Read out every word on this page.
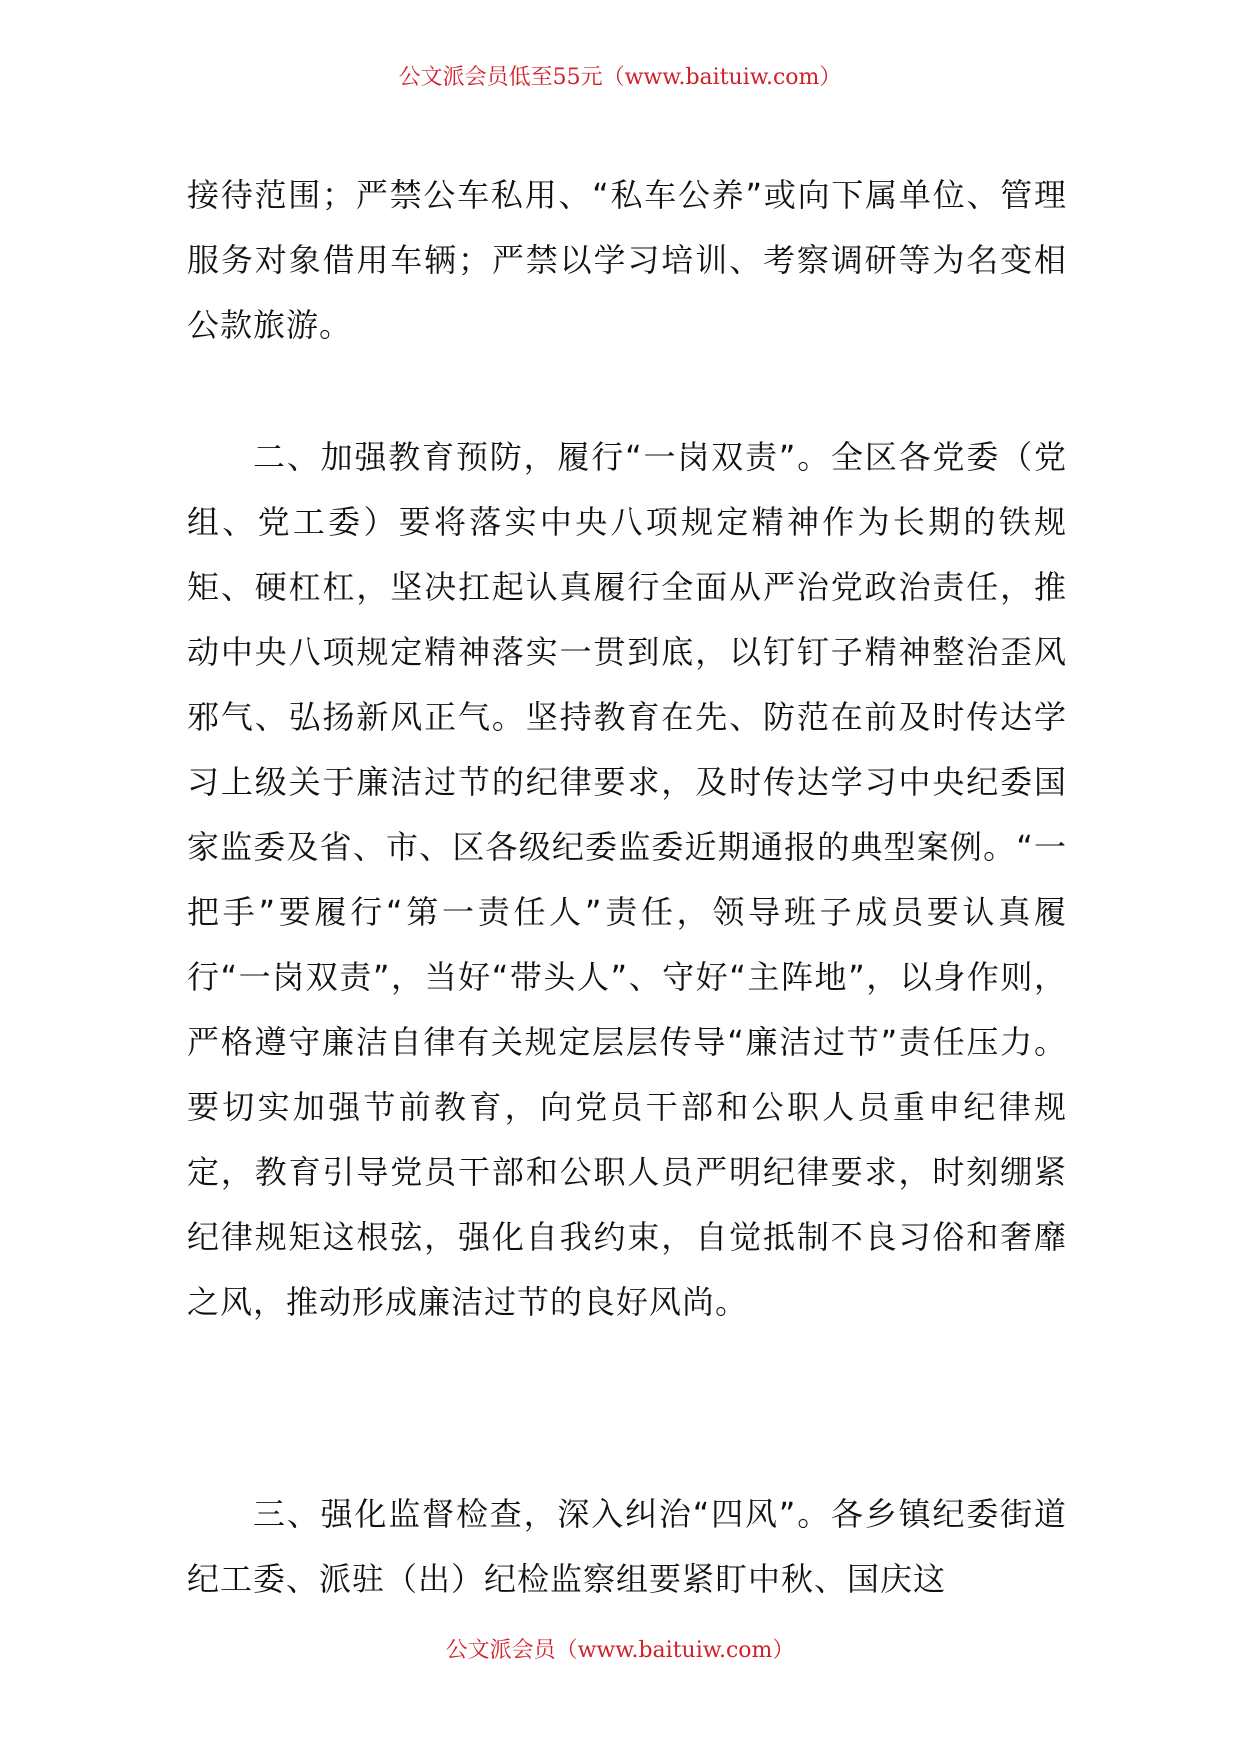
公文派会员低至55元（www.baituiw.com）

接待范围；严禁公车私用、“私车公养”或向下属单位、管理服务对象借用车辆；严禁以学习培训、考察调研等为名变相公款旅游。

二、加强教育预防，履行“一岗双责”。全区各党委（党组、党工委）要将落实中央八项规定精神作为长期的铁规矩、硬杠杠，坚决扛起认真履行全面从严治党政治责任，推动中央八项规定精神落实一贯到底，以钉钉子精神整治歪风邪气、弘扬新风正气。坚持教育在先、防范在前及时传达学习上级关于廉洁过节的纪律要求，及时传达学习中央纪委国家监委及省、市、区各级纪委监委近期通报的典型案例。“一把手”要履行“第一责任人”责任，领导班子成员要认真履行“一岗双责”，当好“带头人”、守好“主阵地”，以身作则，严格遵守廉洁自律有关规定层层传导“廉洁过节”责任压力。要切实加强节前教育，向党员干部和公职人员重申纪律规定，教育引导党员干部和公职人员严明纪律要求，时刻绷紧纪律规矩这根弦，强化自我约束，自觉抵制不良习俗和奢靡之风，推动形成廉洁过节的良好风尚。

三、强化监督检查，深入纠治“四风”。各乡镇纪委街道纪工委、派驻（出）纪检监察组要紧盯中秋、国庆这

公文派会员（www.baituiw.com）
